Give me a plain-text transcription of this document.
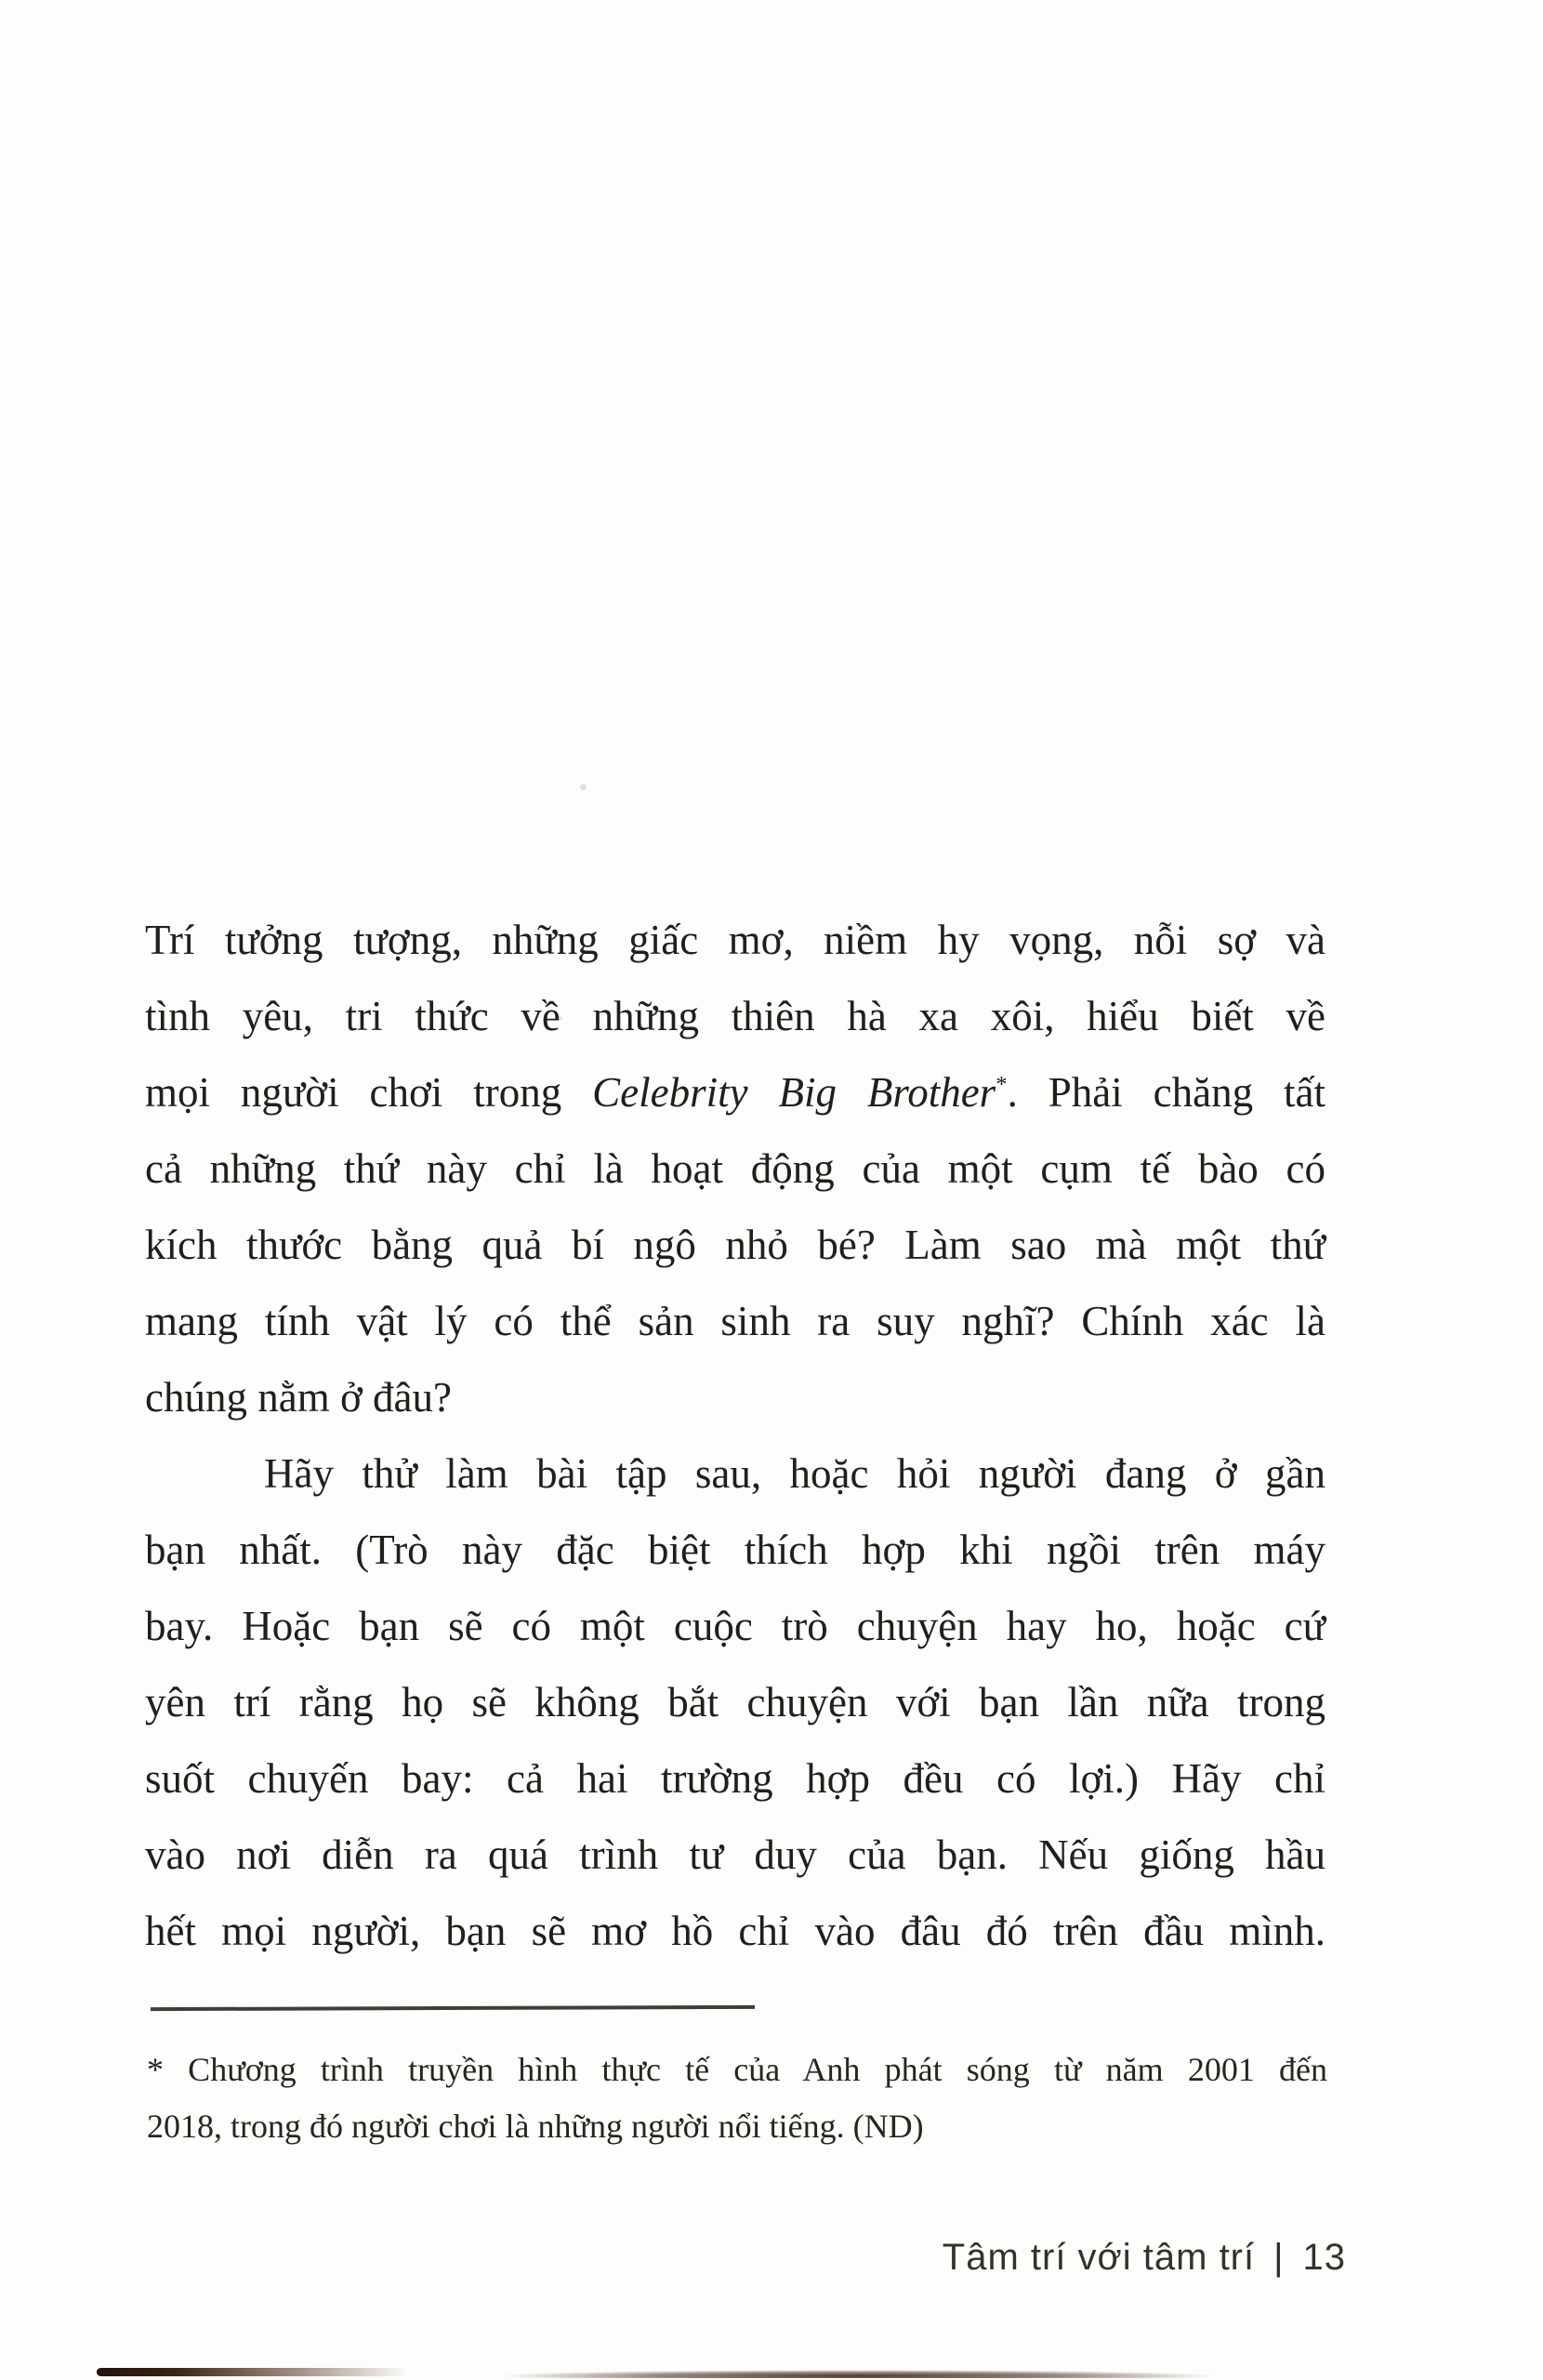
Trí tưởng tượng, những giấc mơ, niềm hy vọng, nỗi sợ và
tình yêu, tri thức về những thiên hà xa xôi, hiểu biết về
mọi người chơi trong Celebrity Big Brother*. Phải chăng tất
cả những thứ này chỉ là hoạt động của một cụm tế bào có
kích thước bằng quả bí ngô nhỏ bé? Làm sao mà một thứ
mang tính vật lý có thể sản sinh ra suy nghĩ? Chính xác là
chúng nằm ở đâu?
Hãy thử làm bài tập sau, hoặc hỏi người đang ở gần
bạn nhất. (Trò này đặc biệt thích hợp khi ngồi trên máy
bay. Hoặc bạn sẽ có một cuộc trò chuyện hay ho, hoặc cứ
yên trí rằng họ sẽ không bắt chuyện với bạn lần nữa trong
suốt chuyến bay: cả hai trường hợp đều có lợi.) Hãy chỉ
vào nơi diễn ra quá trình tư duy của bạn. Nếu giống hầu
hết mọi người, bạn sẽ mơ hồ chỉ vào đâu đó trên đầu mình.
* Chương trình truyền hình thực tế của Anh phát sóng từ năm 2001 đến
2018, trong đó người chơi là những người nổi tiếng. (ND)
Tâm trí với tâm trí | 13
